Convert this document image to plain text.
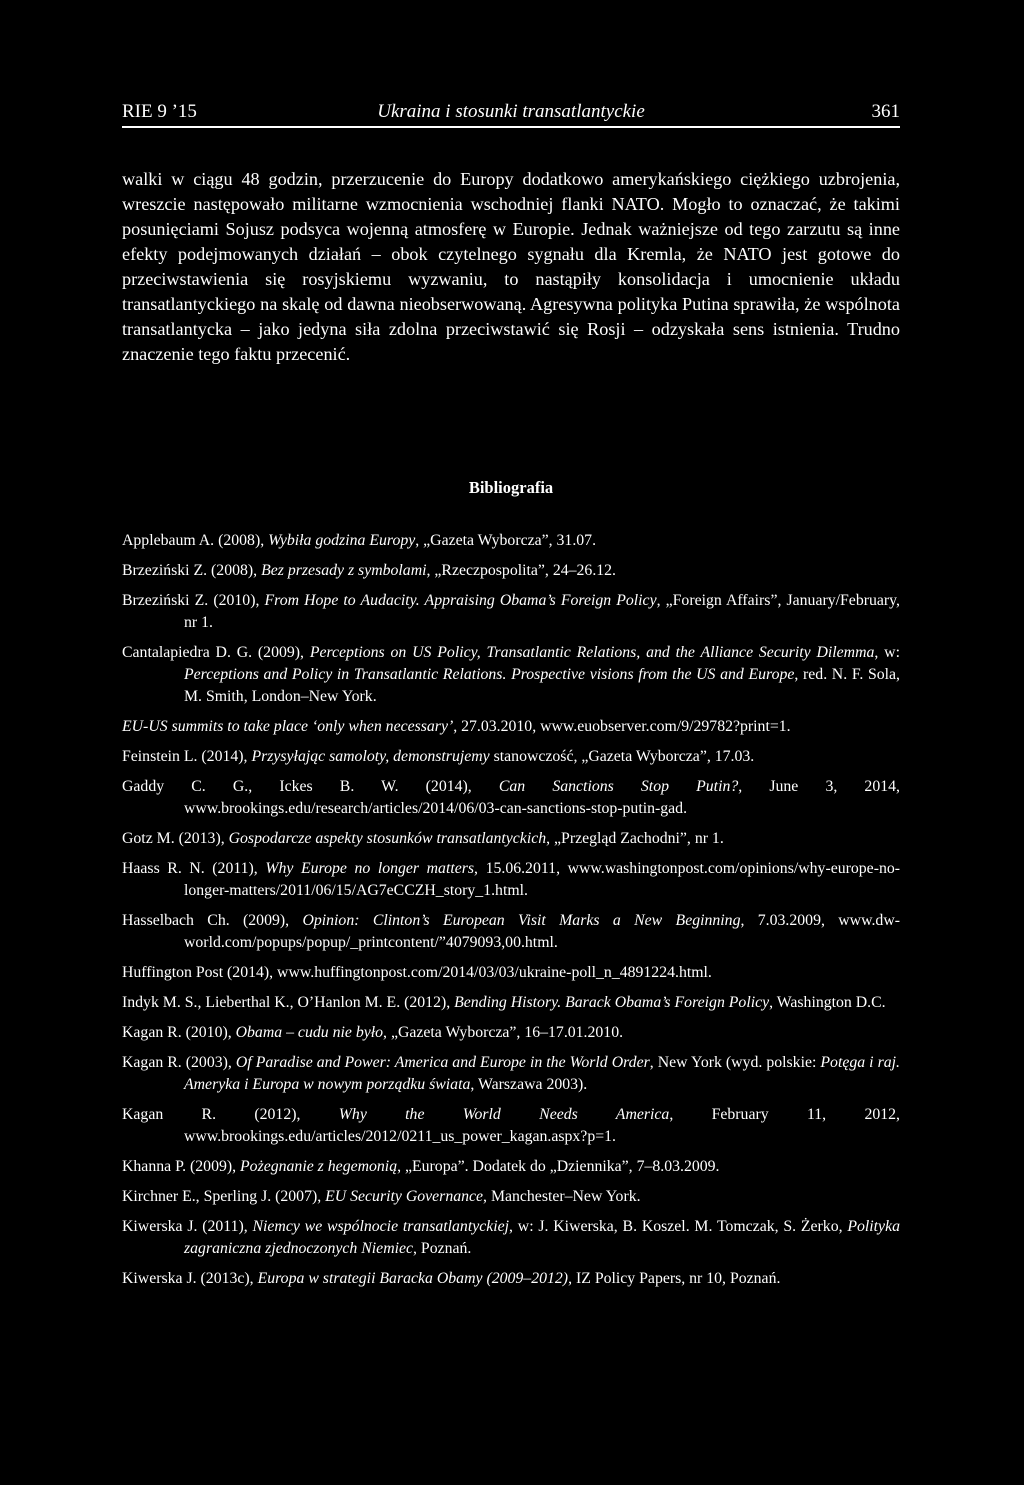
RIE 9 ’15	Ukraina i stosunki transatlantyckie	361

walki w ciągu 48 godzin, przerzucenie do Europy dodatkowo amerykańskiego ciężkiego uzbrojenia, wreszcie następowało militarne wzmocnienia wschodniej flanki NATO. Mogło to oznaczać, że takimi posunięciami Sojusz podsyca wojenną atmosferę w Europie. Jednak ważniejsze od tego zarzutu są inne efekty podejmowanych działań – obok czytelnego sygnału dla Kremla, że NATO jest gotowe do przeciwstawienia się rosyjskiemu wyzwaniu, to nastąpiły konsolidacja i umocnienie układu transatlantyckiego na skalę od dawna nieobserwowaną. Agresywna polityka Putina sprawiła, że wspólnota transatlantycka – jako jedyna siła zdolna przeciwstawić się Rosji – odzyskała sens istnienia. Trudno znaczenie tego faktu przecenić.

Bibliografia

Applebaum A. (2008), Wybiła godzina Europy, „Gazeta Wyborcza”, 31.07.

Brzeziński Z. (2008), Bez przesady z symbolami, „Rzeczpospolita”, 24–26.12.

Brzeziński Z. (2010), From Hope to Audacity. Appraising Obama’s Foreign Policy, „Foreign Affairs”, January/February, nr 1.

Cantalapiedra D. G. (2009), Perceptions on US Policy, Transatlantic Relations, and the Alliance Security Dilemma, w: Perceptions and Policy in Transatlantic Relations. Prospective visions from the US and Europe, red. N. F. Sola, M. Smith, London–New York.

EU-US summits to take place ‘only when necessary’, 27.03.2010, www.euobserver.com/9/29782?print=1.

Feinstein L. (2014), Przysyłając samoloty, demonstrujemy stanowczość, „Gazeta Wyborcza”, 17.03.

Gaddy C. G., Ickes B. W. (2014), Can Sanctions Stop Putin?, June 3, 2014, www.brookings.edu/research/articles/2014/06/03-can-sanctions-stop-putin-gad.

Gotz M. (2013), Gospodarcze aspekty stosunków transatlantyckich, „Przegląd Zachodni”, nr 1.

Haass R. N. (2011), Why Europe no longer matters, 15.06.2011, www.washingtonpost.com/opinions/why-europe-no-longer-matters/2011/06/15/AG7eCCZH_story_1.html.

Hasselbach Ch. (2009), Opinion: Clinton’s European Visit Marks a New Beginning, 7.03.2009, www.dw-world.com/popups/popup/_printcontent/”4079093,00.html.

Huffington Post (2014), www.huffingtonpost.com/2014/03/03/ukraine-poll_n_4891224.html.

Indyk M. S., Lieberthal K., O’Hanlon M. E. (2012), Bending History. Barack Obama’s Foreign Policy, Washington D.C.

Kagan R. (2010), Obama – cudu nie było, „Gazeta Wyborcza”, 16–17.01.2010.

Kagan R. (2003), Of Paradise and Power: America and Europe in the World Order, New York (wyd. polskie: Potęga i raj. Ameryka i Europa w nowym porządku świata, Warszawa 2003).

Kagan R. (2012), Why the World Needs America, February 11, 2012, www.brookings.edu/articles/2012/0211_us_power_kagan.aspx?p=1.

Khanna P. (2009), Pożegnanie z hegemonią, „Europa”. Dodatek do „Dziennika”, 7–8.03.2009.

Kirchner E., Sperling J. (2007), EU Security Governance, Manchester–New York.

Kiwerska J. (2011), Niemcy we wspólnocie transatlantyckiej, w: J. Kiwerska, B. Koszel. M. Tomczak, S. Żerko, Polityka zagraniczna zjednoczonych Niemiec, Poznań.

Kiwerska J. (2013c), Europa w strategii Baracka Obamy (2009–2012), IZ Policy Papers, nr 10, Poznań.
